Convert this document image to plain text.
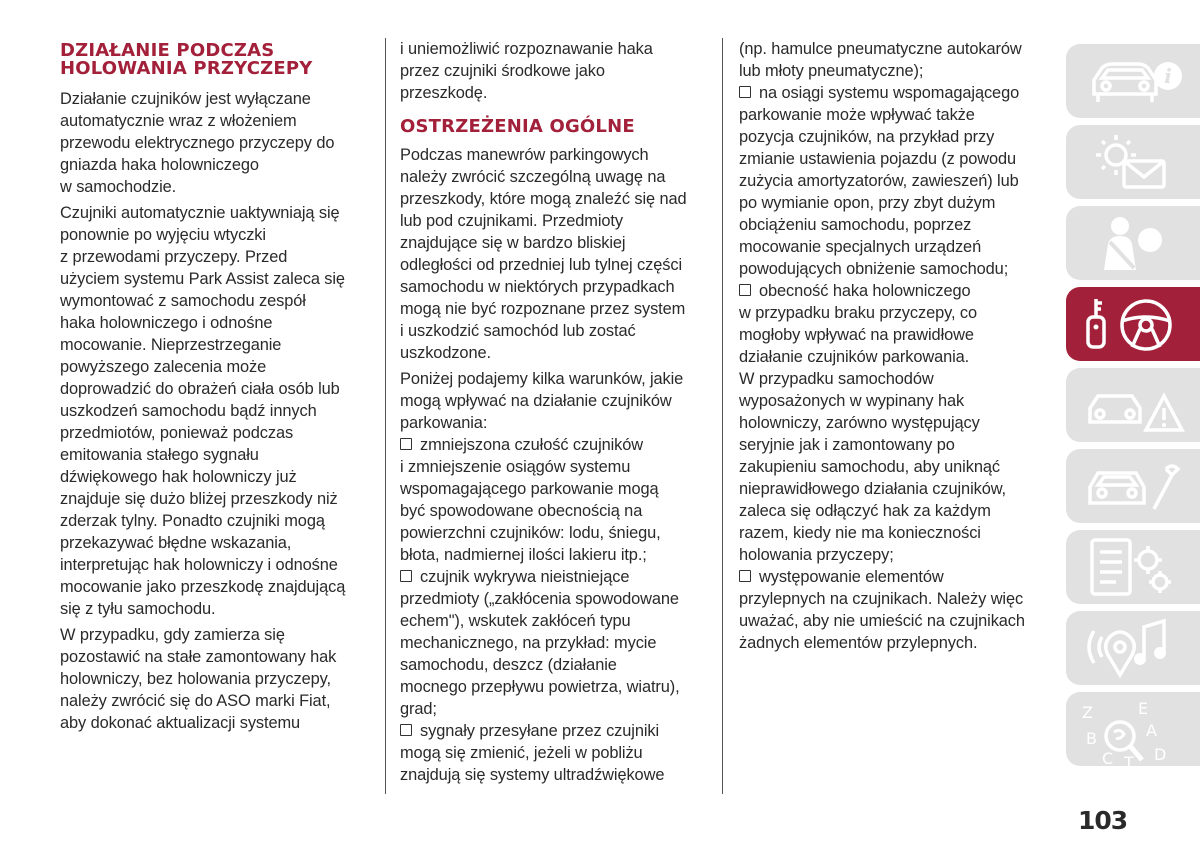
DZIAŁANIE PODCZAS
HOLOWANIA PRZYCZEPY
Działanie czujników jest wyłączane
automatycznie wraz z włożeniem
przewodu elektrycznego przyczepy do
gniazda haka holowniczego
w samochodzie.
Czujniki automatycznie uaktywniają się
ponownie po wyjęciu wtyczki
z przewodami przyczepy. Przed
użyciem systemu Park Assist zaleca się
wymontować z samochodu zespół
haka holowniczego i odnośne
mocowanie. Nieprzestrzeganie
powyższego zalecenia może
doprowadzić do obrażeń ciała osób lub
uszkodzeń samochodu bądź innych
przedmiotów, ponieważ podczas
emitowania stałego sygnału
dźwiękowego hak holowniczy już
znajduje się dużo bliżej przeszkody niż
zderzak tylny. Ponadto czujniki mogą
przekazywać błędne wskazania,
interpretując hak holowniczy i odnośne
mocowanie jako przeszkodę znajdującą
się z tyłu samochodu.
W przypadku, gdy zamierza się
pozostawić na stałe zamontowany hak
holowniczy, bez holowania przyczepy,
należy zwrócić się do ASO marki Fiat,
aby dokonać aktualizacji systemu
i uniemożliwić rozpoznawanie haka
przez czujniki środkowe jako
przeszkodę.
OSTRZEŻENIA OGÓLNE
Podczas manewrów parkingowych
należy zwrócić szczególną uwagę na
przeszkody, które mogą znaleźć się nad
lub pod czujnikami. Przedmioty
znajdujące się w bardzo bliskiej
odległości od przedniej lub tylnej części
samochodu w niektórych przypadkach
mogą nie być rozpoznane przez system
i uszkodzić samochód lub zostać
uszkodzone.
Poniżej podajemy kilka warunków, jakie
mogą wpływać na działanie czujników
parkowania:
zmniejszona czułość czujników
i zmniejszenie osiągów systemu
wspomagającego parkowanie mogą
być spowodowane obecnością na
powierzchni czujników: lodu, śniegu,
błota, nadmiernej ilości lakieru itp.;
czujnik wykrywa nieistniejące
przedmioty („zakłócenia spowodowane
echem"), wskutek zakłóceń typu
mechanicznego, na przykład: mycie
samochodu, deszcz (działanie
mocnego przepływu powietrza, wiatru),
grad;
sygnały przesyłane przez czujniki
mogą się zmienić, jeżeli w pobliżu
znajdują się systemy ultradźwiękowe
(np. hamulce pneumatyczne autokarów
lub młoty pneumatyczne);
na osiągi systemu wspomagającego
parkowanie może wpływać także
pozycja czujników, na przykład przy
zmianie ustawienia pojazdu (z powodu
zużycia amortyzatorów, zawieszeń) lub
po wymianie opon, przy zbyt dużym
obciążeniu samochodu, poprzez
mocowanie specjalnych urządzeń
powodujących obniżenie samochodu;
obecność haka holowniczego
w przypadku braku przyczepy, co
mogłoby wpływać na prawidłowe
działanie czujników parkowania.
W przypadku samochodów
wyposażonych w wypinany hak
holowniczy, zarówno występujący
seryjnie jak i zamontowany po
zakupieniu samochodu, aby uniknąć
nieprawidłowego działania czujników,
zaleca się odłączyć hak za każdym
razem, kiedy nie ma konieczności
holowania przyczepy;
występowanie elementów
przylepnych na czujnikach. Należy więc
uważać, aby nie umieścić na czujnikach
żadnych elementów przylepnych.
i
Z	E
B	A
C T D
103
